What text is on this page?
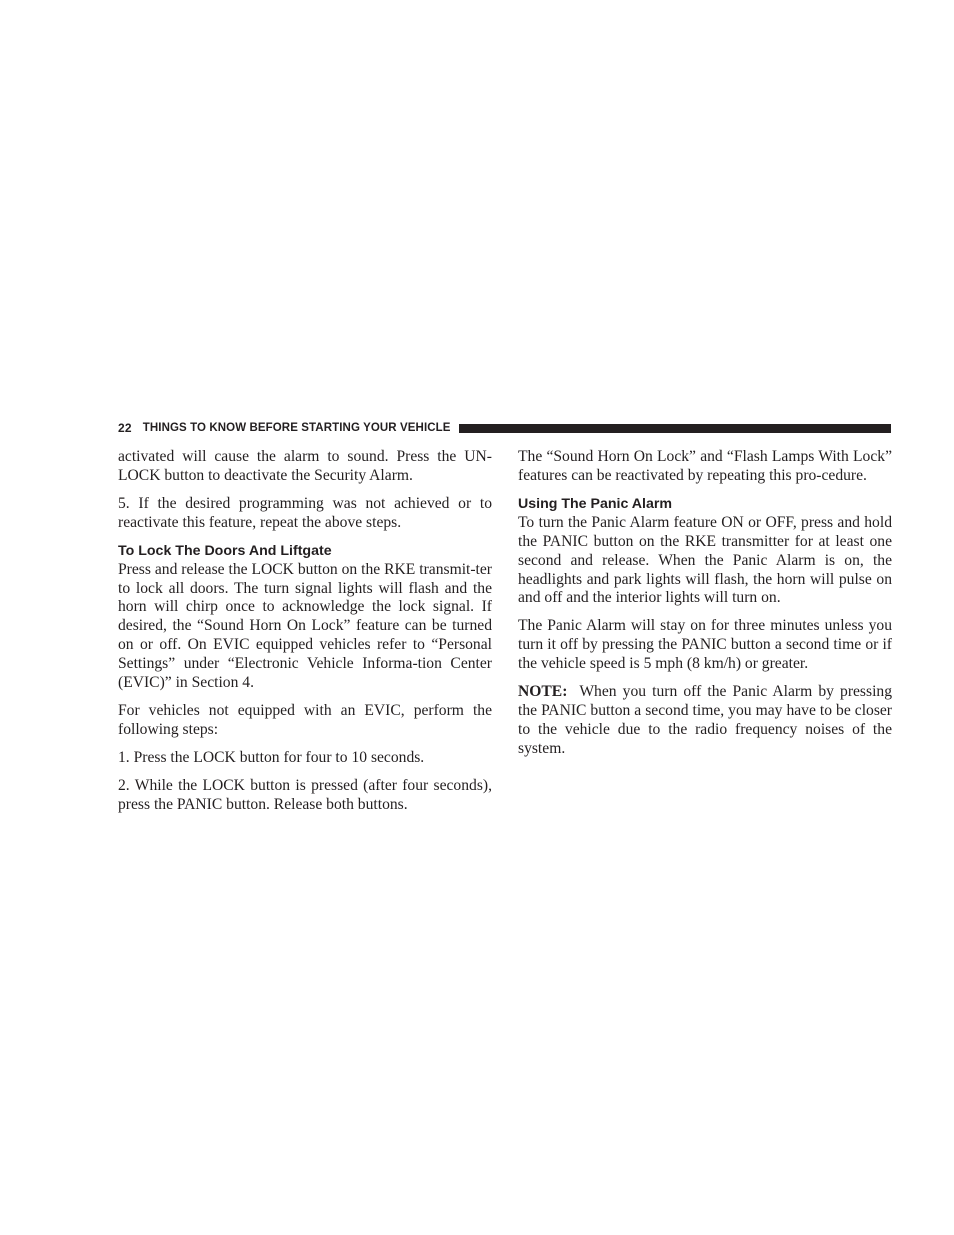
22 THINGS TO KNOW BEFORE STARTING YOUR VEHICLE

activated will cause the alarm to sound. Press the UN-LOCK button to deactivate the Security Alarm.

5. If the desired programming was not achieved or to reactivate this feature, repeat the above steps.

To Lock The Doors And Liftgate

Press and release the LOCK button on the RKE transmit-ter to lock all doors. The turn signal lights will flash and the horn will chirp once to acknowledge the lock signal. If desired, the “Sound Horn On Lock” feature can be turned on or off. On EVIC equipped vehicles refer to “Personal Settings” under “Electronic Vehicle Informa-tion Center (EVIC)” in Section 4.

For vehicles not equipped with an EVIC, perform the following steps:

1. Press the LOCK button for four to 10 seconds.

2. While the LOCK button is pressed (after four seconds), press the PANIC button. Release both buttons.

The “Sound Horn On Lock” and “Flash Lamps With Lock” features can be reactivated by repeating this pro-cedure.

Using The Panic Alarm

To turn the Panic Alarm feature ON or OFF, press and hold the PANIC button on the RKE transmitter for at least one second and release. When the Panic Alarm is on, the headlights and park lights will flash, the horn will pulse on and off and the interior lights will turn on.

The Panic Alarm will stay on for three minutes unless you turn it off by pressing the PANIC button a second time or if the vehicle speed is 5 mph (8 km/h) or greater.

NOTE: When you turn off the Panic Alarm by pressing the PANIC button a second time, you may have to be closer to the vehicle due to the radio frequency noises of the system.
